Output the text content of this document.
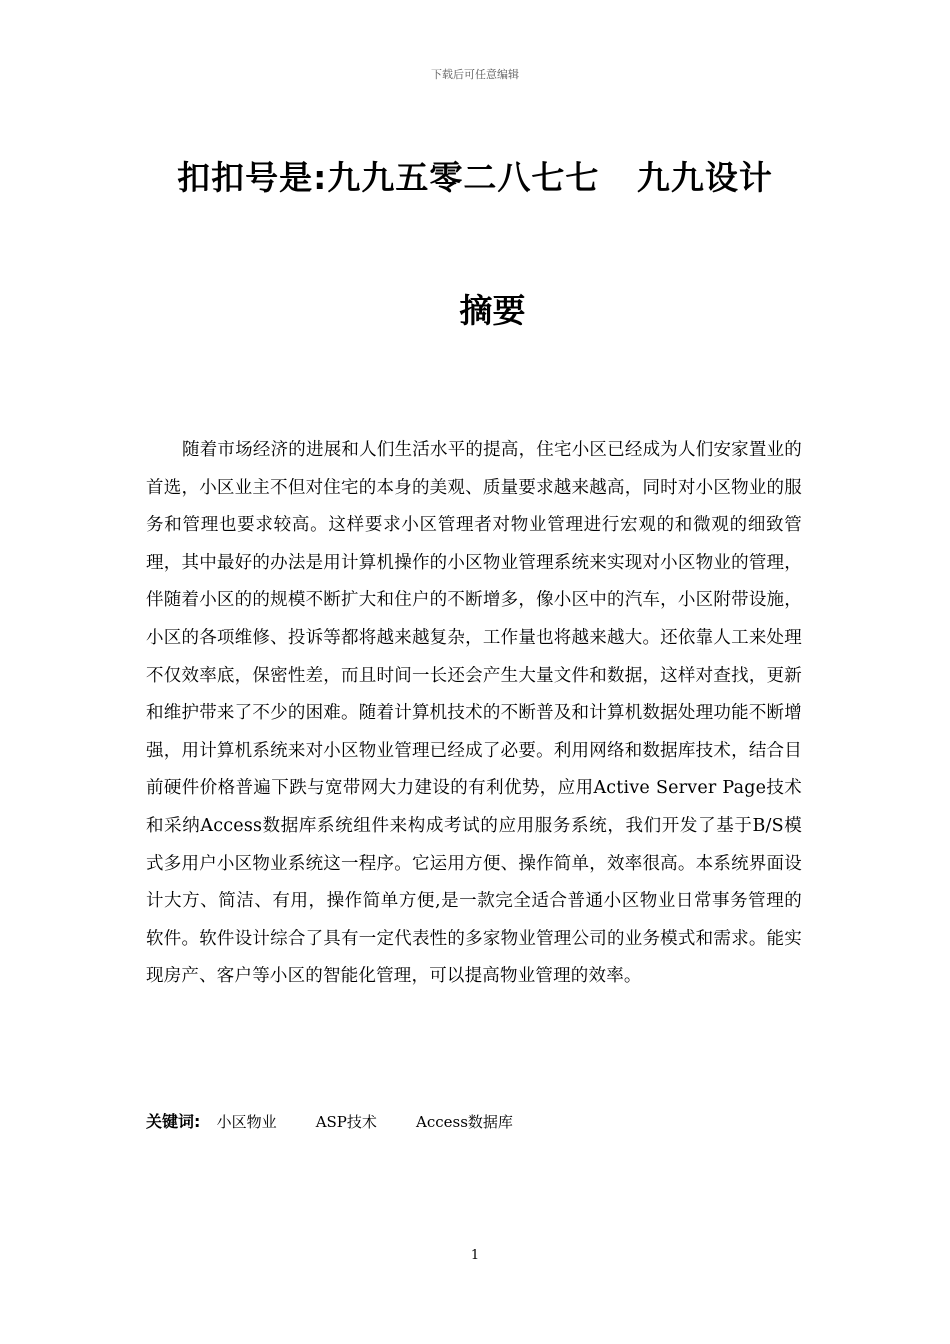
下载后可任意编辑
扣扣号是:九九五零二八七七   九九设计
摘要

随着市场经济的进展和人们生活水平的提高，住宅小区已经成为人们安家置业的首选，小区业主不但对住宅的本身的美观、质量要求越来越高，同时对小区物业的服务和管理也要求较高。这样要求小区管理者对物业管理进行宏观的和微观的细致管理，其中最好的办法是用计算机操作的小区物业管理系统来实现对小区物业的管理，伴随着小区的的规模不断扩大和住户的不断增多，像小区中的汽车，小区附带设施，小区的各项维修、投诉等都将越来越复杂，工作量也将越来越大。还依靠人工来处理不仅效率底，保密性差，而且时间一长还会产生大量文件和数据，这样对查找，更新和维护带来了不少的困难。随着计算机技术的不断普及和计算机数据处理功能不断增强，用计算机系统来对小区物业管理已经成了必要。利用网络和数据库技术，结合目前硬件价格普遍下跌与宽带网大力建设的有利优势，应用Active Server Page技术和采纳Access数据库系统组件来构成考试的应用服务系统，我们开发了基于B/S模式多用户小区物业系统这一程序。它运用方便、操作简单，效率很高。本系统界面设计大方、简洁、有用，操作简单方便,是一款完全适合普通小区物业日常事务管理的软件。软件设计综合了具有一定代表性的多家物业管理公司的业务模式和需求。能实现房产、客户等小区的智能化管理，可以提高物业管理的效率。

关键词: 小区物业	ASP技术	Access数据库
1
